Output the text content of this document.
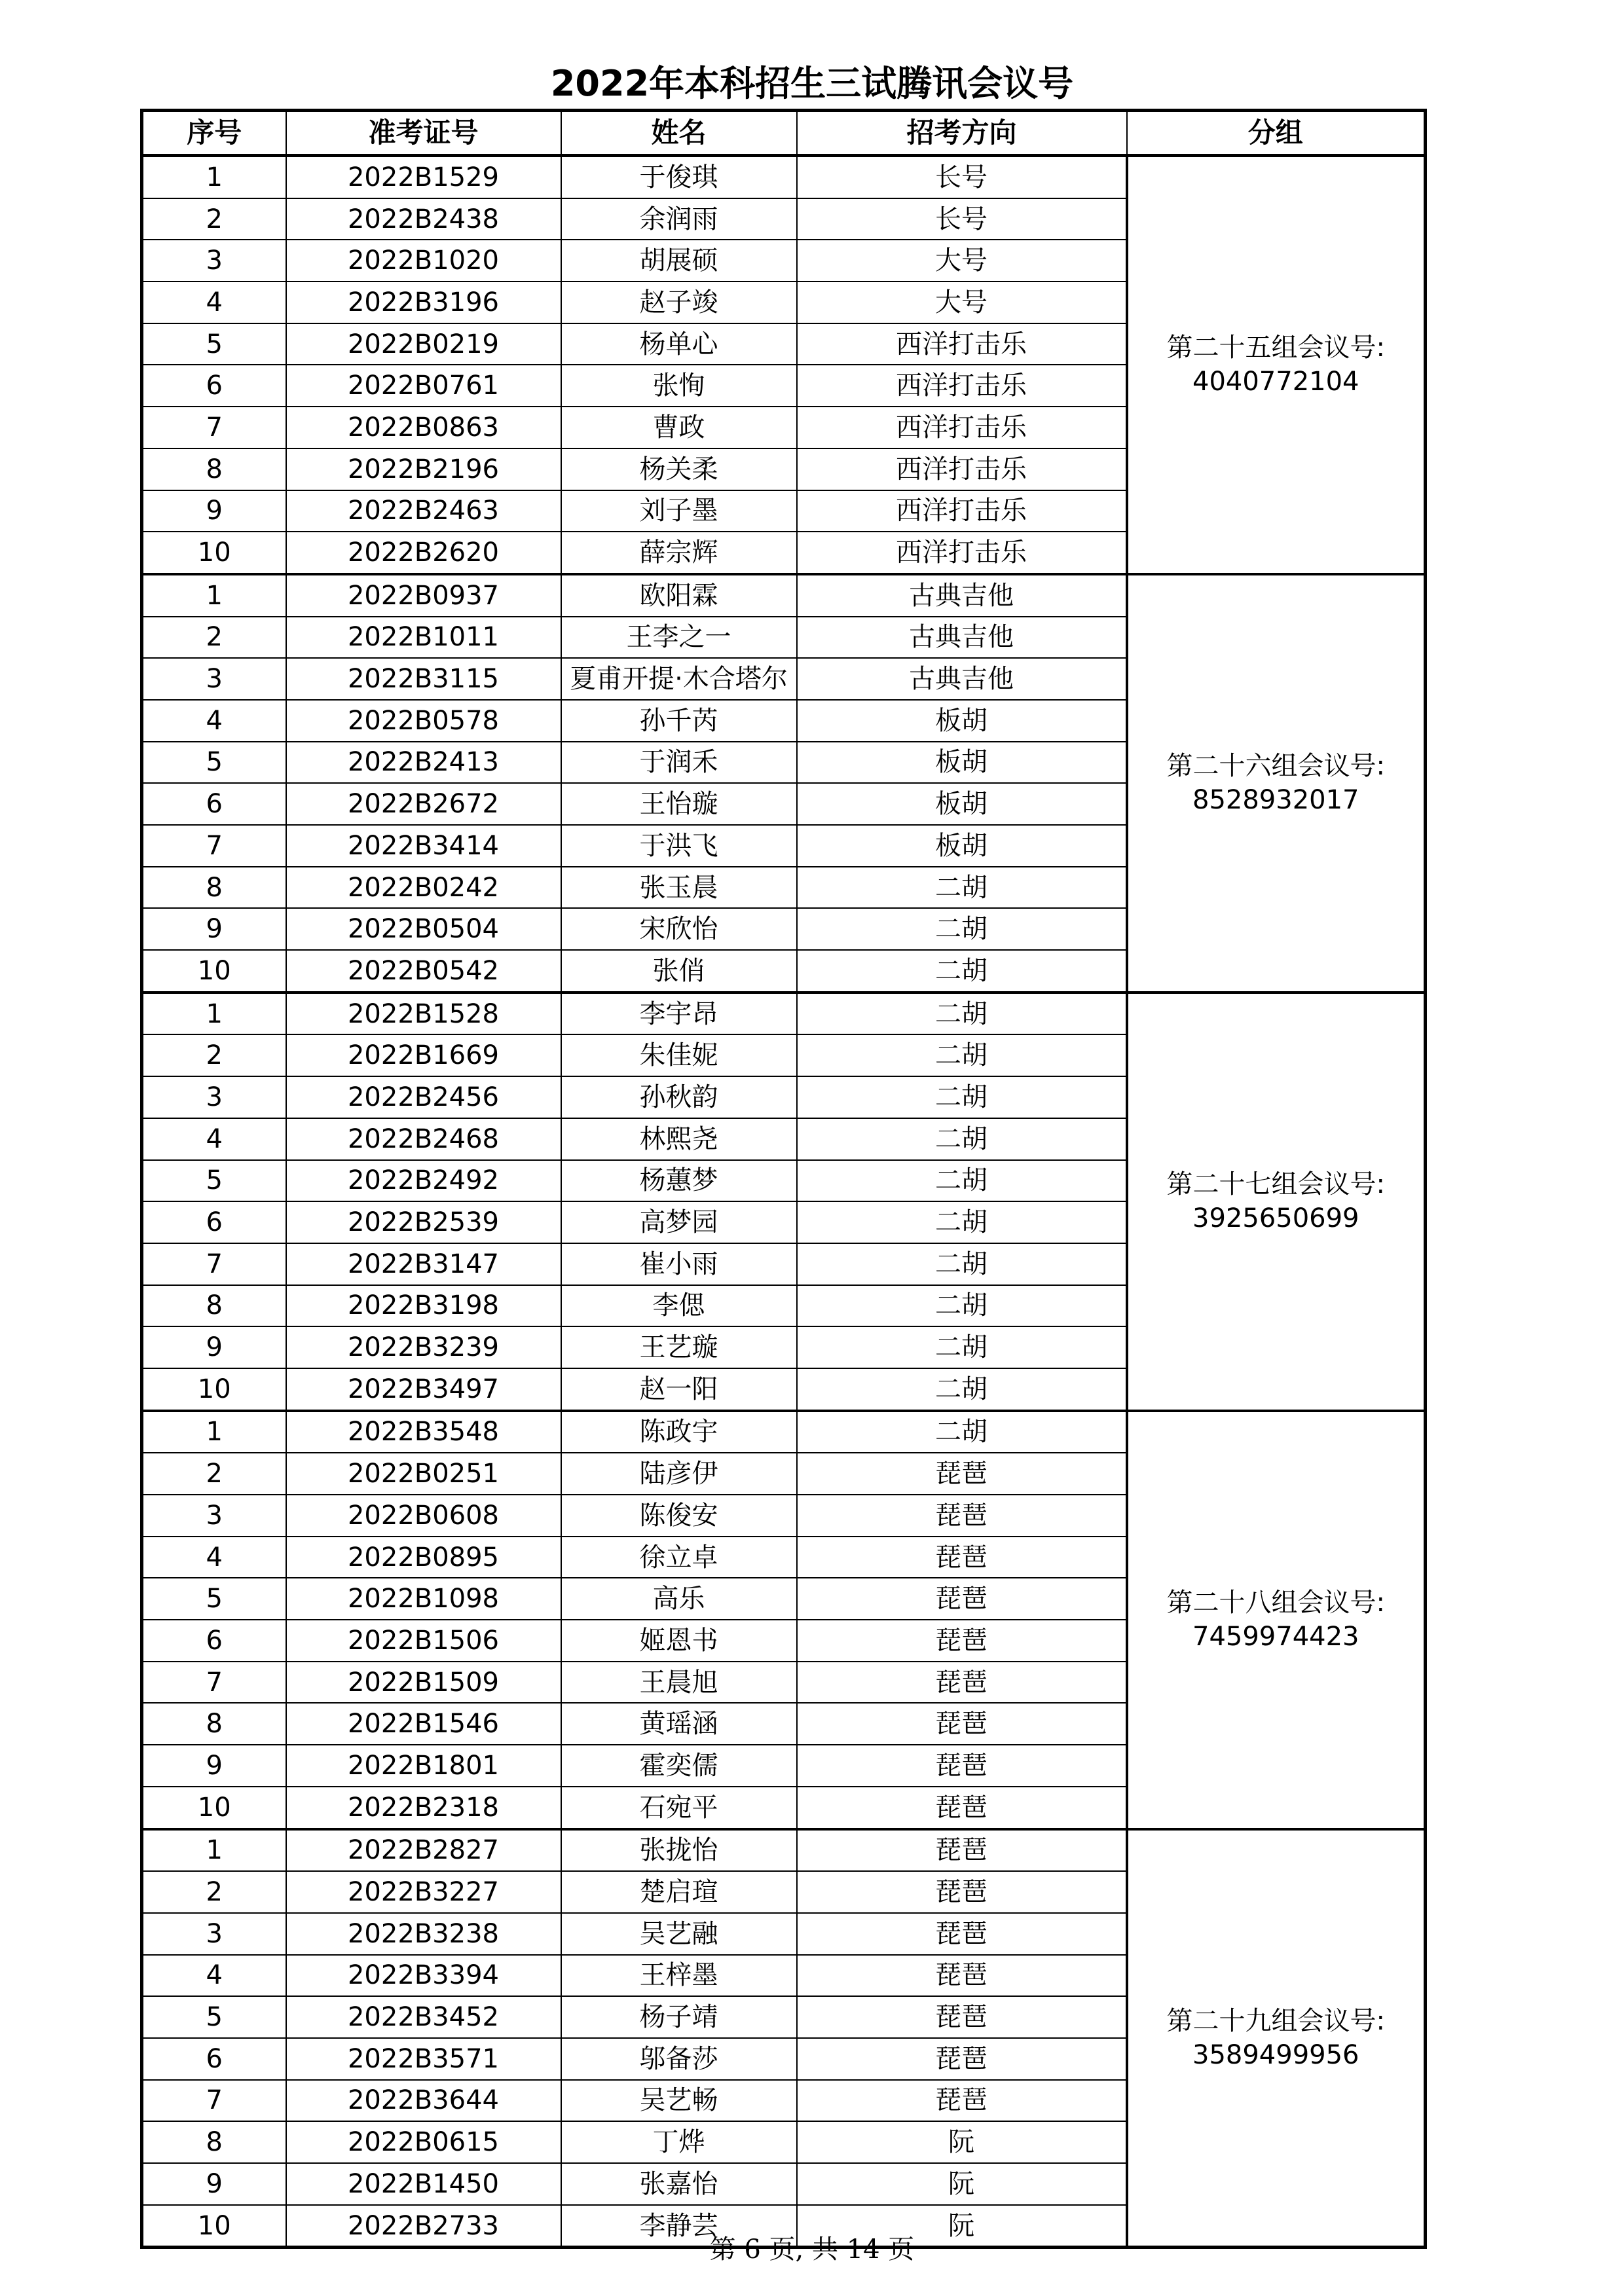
2022年本科招生三试腾讯会议号
序号	准考证号	姓名	招考方向	分组
1	2022B1529	于俊琪	长号	第二十五组会议号:
4040772104

2	2022B2438	余润雨	长号	
3	2022B1020	胡展硕	大号	
4	2022B3196	赵子竣	大号	
5	2022B0219	杨单心	西洋打击乐	
6	2022B0761	张恂	西洋打击乐	
7	2022B0863	曹政	西洋打击乐	
8	2022B2196	杨关柔	西洋打击乐	
9	2022B2463	刘子墨	西洋打击乐	
10	2022B2620	薛宗辉	西洋打击乐	
1	2022B0937	欧阳霖	古典吉他	第二十六组会议号:
8528932017

2	2022B1011	王李之一	古典吉他	
3	2022B3115	夏甫开提·木合塔尔	古典吉他	
4	2022B0578	孙千芮	板胡	
5	2022B2413	于润禾	板胡	
6	2022B2672	王怡璇	板胡	
7	2022B3414	于洪飞	板胡	
8	2022B0242	张玉晨	二胡	
9	2022B0504	宋欣怡	二胡	
10	2022B0542	张俏	二胡	
1	2022B1528	李宇昂	二胡	第二十七组会议号:
3925650699

2	2022B1669	朱佳妮	二胡	
3	2022B2456	孙秋韵	二胡	
4	2022B2468	林熙尧	二胡	
5	2022B2492	杨蕙梦	二胡	
6	2022B2539	高梦园	二胡	
7	2022B3147	崔小雨	二胡	
8	2022B3198	李偲	二胡	
9	2022B3239	王艺璇	二胡	
10	2022B3497	赵一阳	二胡	
1	2022B3548	陈政宇	二胡	第二十八组会议号:
7459974423

2	2022B0251	陆彦伊	琵琶	
3	2022B0608	陈俊安	琵琶	
4	2022B0895	徐立卓	琵琶	
5	2022B1098	高乐	琵琶	
6	2022B1506	姬恩书	琵琶	
7	2022B1509	王晨旭	琵琶	
8	2022B1546	黄瑶涵	琵琶	
9	2022B1801	霍奕儒	琵琶	
10	2022B2318	石宛平	琵琶	
1	2022B2827	张拢怡	琵琶	第二十九组会议号:
3589499956

2	2022B3227	楚启瑄	琵琶	
3	2022B3238	吴艺融	琵琶	
4	2022B3394	王梓墨	琵琶	
5	2022B3452	杨子靖	琵琶	
6	2022B3571	邬备莎	琵琶	
7	2022B3644	吴艺畅	琵琶	
8	2022B0615	丁烨	阮	
9	2022B1450	张嘉怡	阮	
10	2022B2733	李静芸	阮	
第 6 页, 共 14 页
